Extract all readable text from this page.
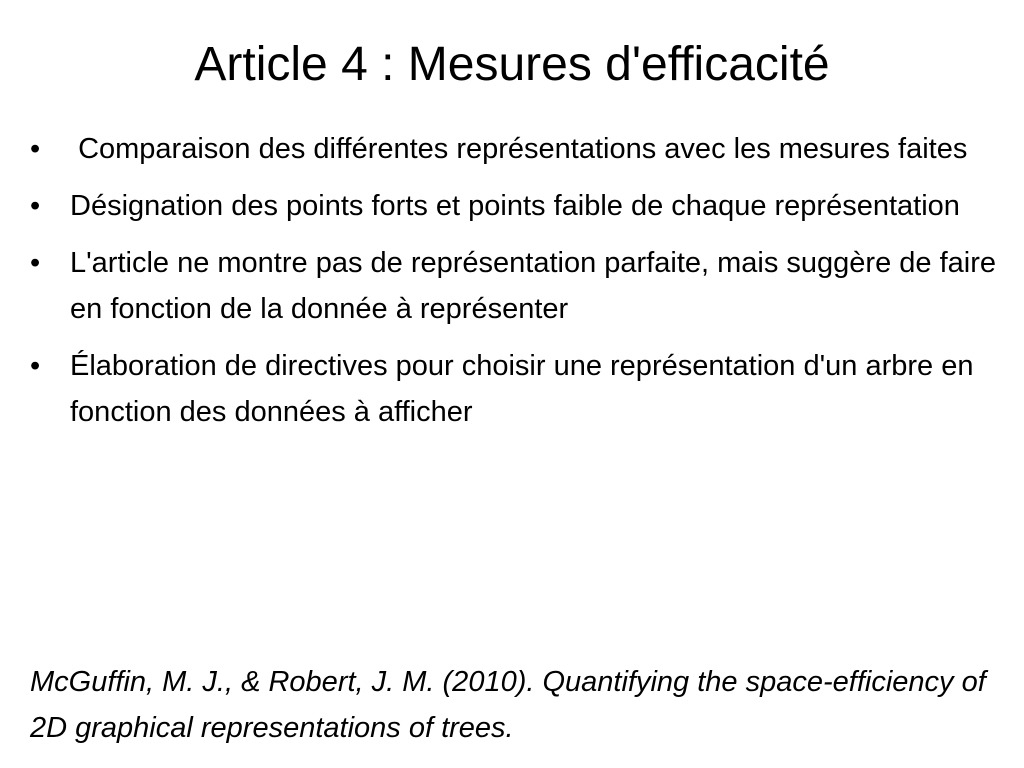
Article 4 : Mesures d'efficacité
•	Comparaison des différentes représentations avec les mesures faites
•	Désignation des points forts et points faible de chaque représentation
•	L'article ne montre pas de représentation parfaite, mais suggère de faire en fonction de la donnée à représenter
•	Élaboration de directives pour choisir une représentation d'un arbre en fonction des données à afficher

McGuffin, M. J., & Robert, J. M. (2010). Quantifying the space-efficiency of 2D graphical representations of trees.
